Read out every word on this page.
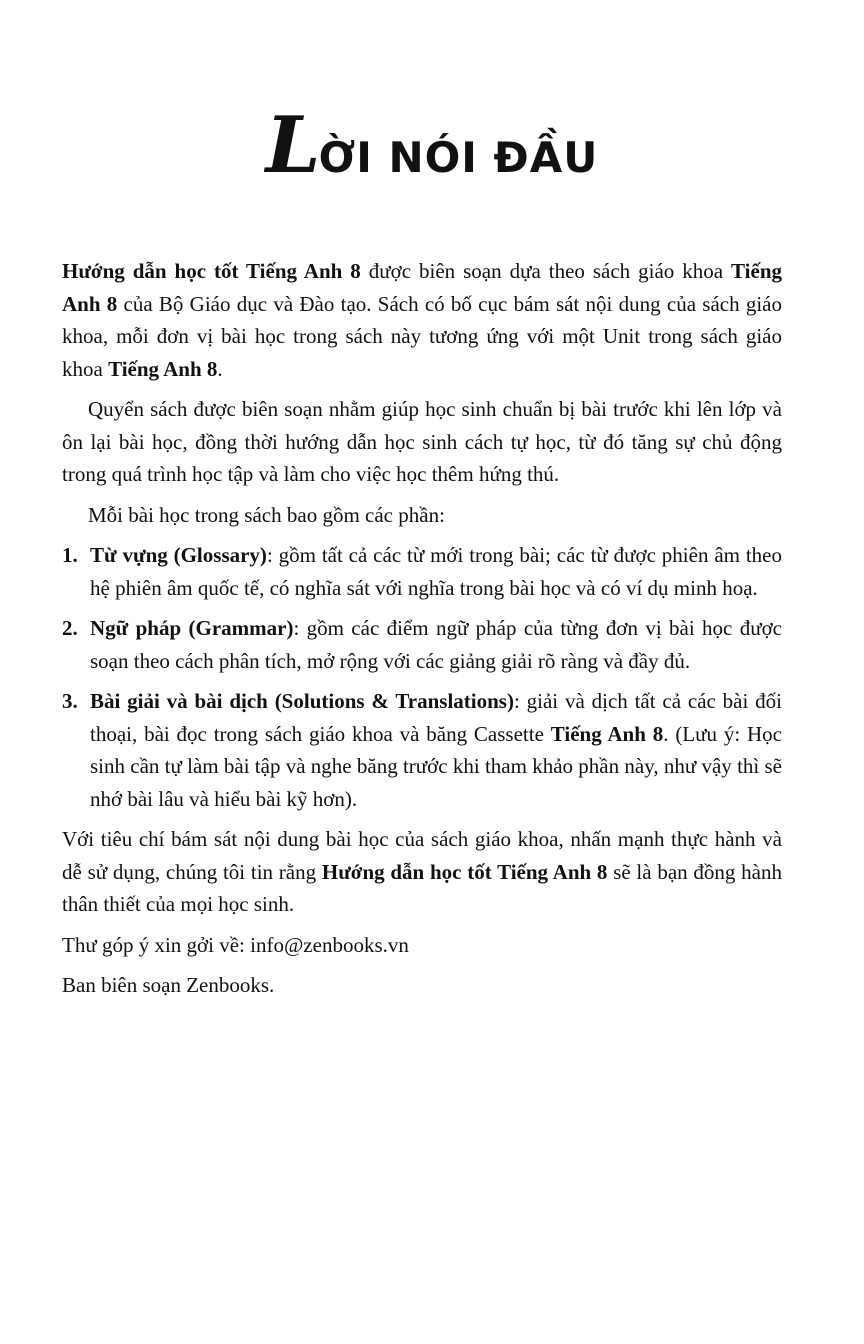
LỜI NÓI ĐẦU

Hướng dẫn học tốt Tiếng Anh 8 được biên soạn dựa theo sách giáo khoa Tiếng Anh 8 của Bộ Giáo dục và Đào tạo. Sách có bố cục bám sát nội dung của sách giáo khoa, mỗi đơn vị bài học trong sách này tương ứng với một Unit trong sách giáo khoa Tiếng Anh 8.

Quyển sách được biên soạn nhằm giúp học sinh chuẩn bị bài trước khi lên lớp và ôn lại bài học, đồng thời hướng dẫn học sinh cách tự học, từ đó tăng sự chủ động trong quá trình học tập và làm cho việc học thêm hứng thú.

Mỗi bài học trong sách bao gồm các phần:

1. Từ vựng (Glossary): gồm tất cả các từ mới trong bài; các từ được phiên âm theo hệ phiên âm quốc tế, có nghĩa sát với nghĩa trong bài học và có ví dụ minh hoạ.
2. Ngữ pháp (Grammar): gồm các điểm ngữ pháp của từng đơn vị bài học được soạn theo cách phân tích, mở rộng với các giảng giải rõ ràng và đầy đủ.
3. Bài giải và bài dịch (Solutions & Translations): giải và dịch tất cả các bài đối thoại, bài đọc trong sách giáo khoa và băng Cassette Tiếng Anh 8. (Lưu ý: Học sinh cần tự làm bài tập và nghe băng trước khi tham khảo phần này, như vậy thì sẽ nhớ bài lâu và hiểu bài kỹ hơn).

Với tiêu chí bám sát nội dung bài học của sách giáo khoa, nhấn mạnh thực hành và dễ sử dụng, chúng tôi tin rằng Hướng dẫn học tốt Tiếng Anh 8 sẽ là bạn đồng hành thân thiết của mọi học sinh.

Thư góp ý xin gởi về: info@zenbooks.vn

Ban biên soạn Zenbooks.
